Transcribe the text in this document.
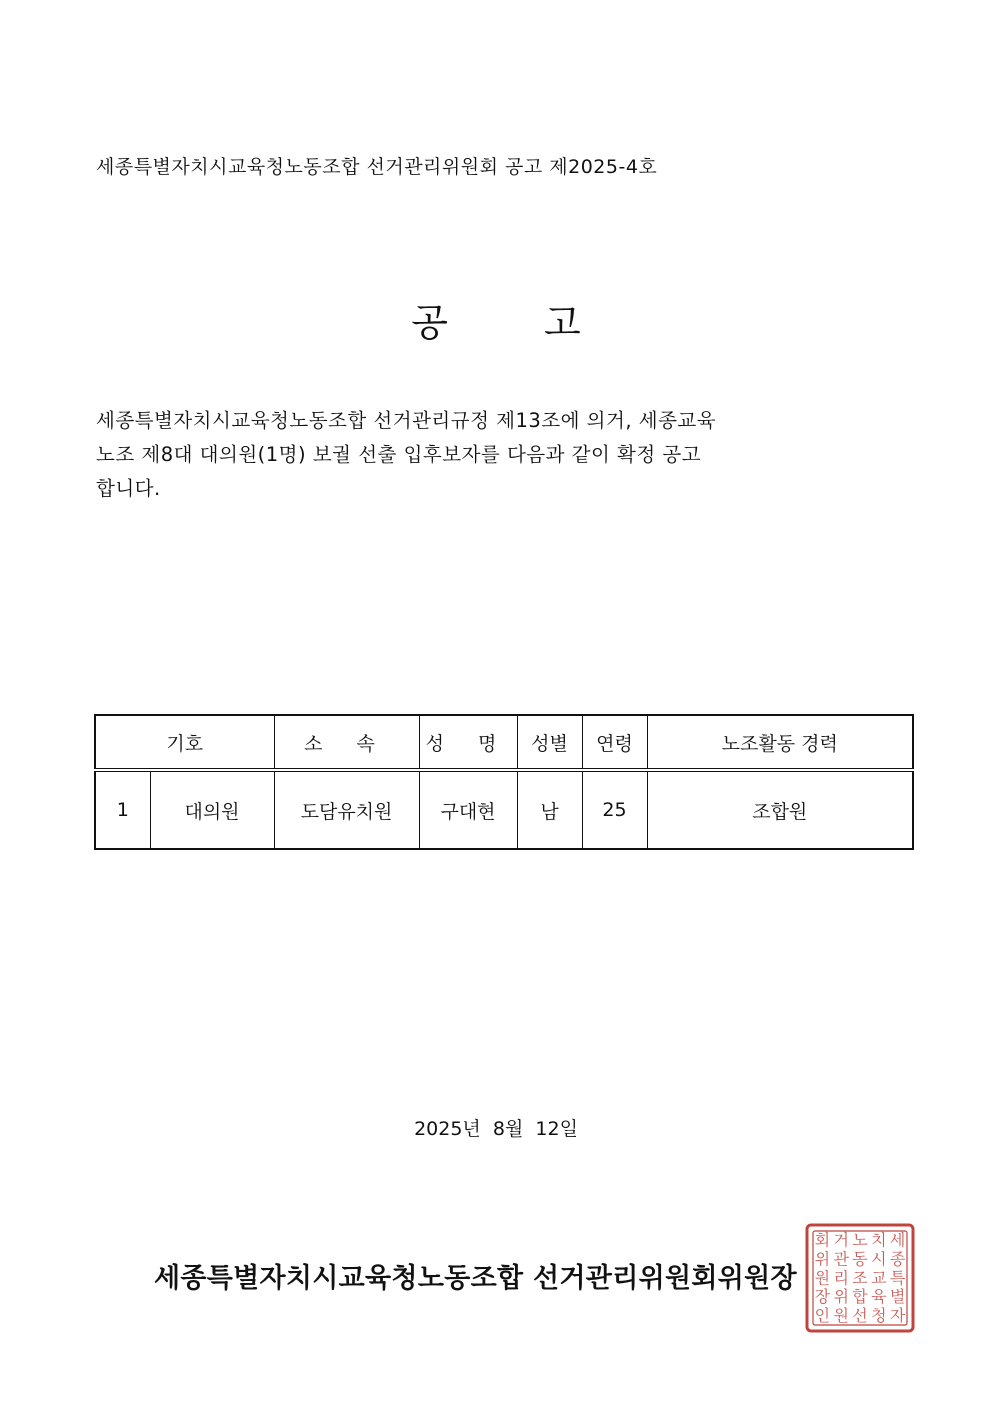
세종특별자치시교육청노동조합 선거관리위원회 공고 제2025-4호
공	고

세종특별자치시교육청노동조합 선거관리규정 제13조에 의거, 세종교육

노조 제8대 대의원(1명) 보궐 선출 입후보자를 다음과 같이 확정 공고

합니다.

기호		소 속	성 명	성별	연령	노조활동 경력
1	대의원	도담유치원	구대현	남	25	조합원
2025년  8월  12일
세종특별자치시교육청노동조합 선거관리위원회위원장
세
종
특
별
자
치
시
교
육
청
노
동
조
합
선
거
관
리
위
원
회
위
원
장
인
